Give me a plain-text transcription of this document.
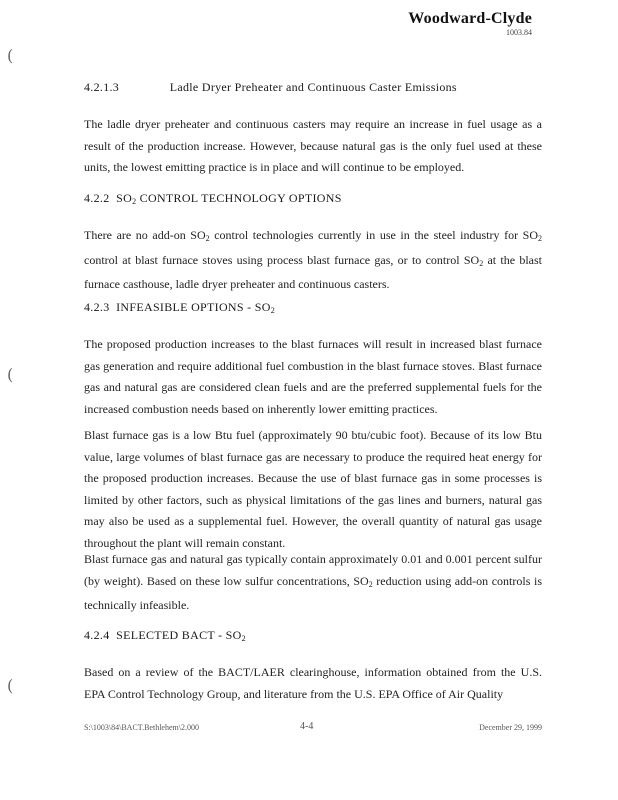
Woodward-Clyde
1003.84
(
(
(
4.2.1.3	Ladle Dryer Preheater and Continuous Caster Emissions
The ladle dryer preheater and continuous casters may require an increase in fuel usage as a result of the production increase. However, because natural gas is the only fuel used at these units, the lowest emitting practice is in place and will continue to be employed.
4.2.2 $SO_2$ CONTROL TECHNOLOGY OPTIONS
There are no add-on $SO_2$ control technologies currently in use in the steel industry for $SO_2$ control at blast furnace stoves using process blast furnace gas, or to control $SO_2$ at the blast furnace casthouse, ladle dryer preheater and continuous casters.
4.2.3 INFEASIBLE OPTIONS - $SO_2$
The proposed production increases to the blast furnaces will result in increased blast furnace gas generation and require additional fuel combustion in the blast furnace stoves. Blast furnace gas and natural gas are considered clean fuels and are the preferred supplemental fuels for the increased combustion needs based on inherently lower emitting practices.
Blast furnace gas is a low Btu fuel (approximately 90 btu/cubic foot). Because of its low Btu value, large volumes of blast furnace gas are necessary to produce the required heat energy for the proposed production increases. Because the use of blast furnace gas in some processes is limited by other factors, such as physical limitations of the gas lines and burners, natural gas may also be used as a supplemental fuel. However, the overall quantity of natural gas usage throughout the plant will remain constant.
Blast furnace gas and natural gas typically contain approximately 0.01 and 0.001 percent sulfur (by weight). Based on these low sulfur concentrations, $SO_2$ reduction using add-on controls is technically infeasible.
4.2.4 SELECTED BACT - $SO_2$
Based on a review of the BACT/LAER clearinghouse, information obtained from the U.S. EPA Control Technology Group, and literature from the U.S. EPA Office of Air Quality
S:\1003\84\BACT.Bethlehem\2.000	4-4	December 29, 1999
